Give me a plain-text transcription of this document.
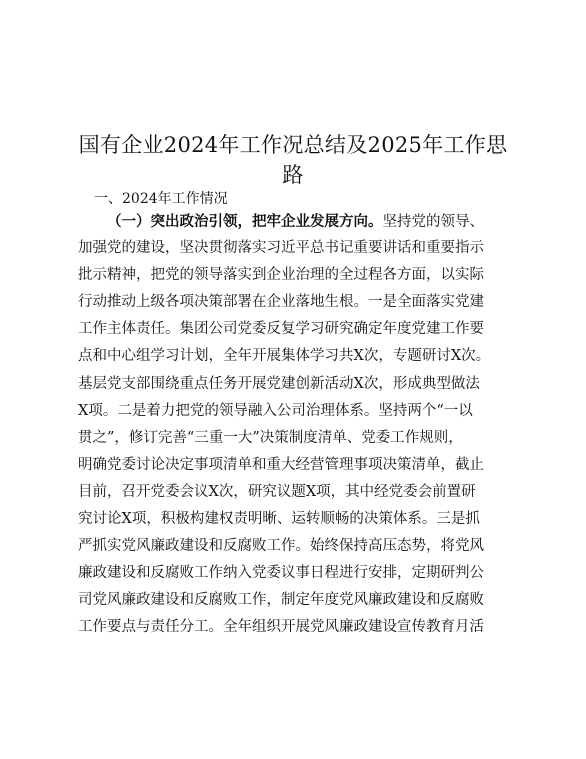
国有企业2024年工作况总结及2025年工作思路
一、2024年工作情况
（一）突出政治引领，把牢企业发展方向。坚持党的领导、
加强党的建设，坚决贯彻落实习近平总书记重要讲话和重要指示
批示精神，把党的领导落实到企业治理的全过程各方面，以实际
行动推动上级各项决策部署在企业落地生根。一是全面落实党建
工作主体责任。集团公司党委反复学习研究确定年度党建工作要
点和中心组学习计划，全年开展集体学习共X次，专题研讨X次。
基层党支部围绕重点任务开展党建创新活动X次，形成典型做法
X项。二是着力把党的领导融入公司治理体系。坚持两个“一以
贯之”，修订完善“三重一大”决策制度清单、党委工作规则，
明确党委讨论决定事项清单和重大经营管理事项决策清单，截止
目前，召开党委会议X次，研究议题X项，其中经党委会前置研
究讨论X项，积极构建权责明晰、运转顺畅的决策体系。三是抓
严抓实党风廉政建设和反腐败工作。始终保持高压态势，将党风
廉政建设和反腐败工作纳入党委议事日程进行安排，定期研判公
司党风廉政建设和反腐败工作，制定年度党风廉政建设和反腐败
工作要点与责任分工。全年组织开展党风廉政建设宣传教育月活
